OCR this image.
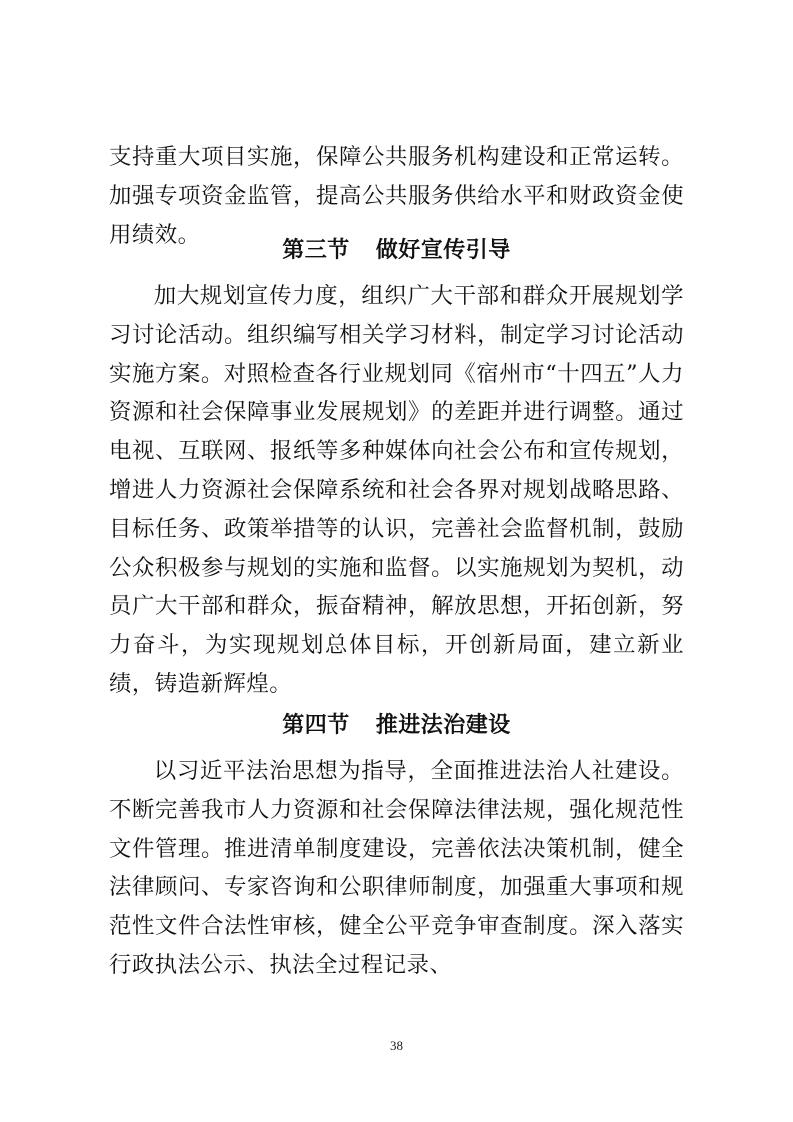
支持重大项目实施，保障公共服务机构建设和正常运转。加强专项资金监管，提高公共服务供给水平和财政资金使用绩效。

第三节 做好宣传引导

加大规划宣传力度，组织广大干部和群众开展规划学习讨论活动。组织编写相关学习材料，制定学习讨论活动实施方案。对照检查各行业规划同《宿州市“十四五”人力资源和社会保障事业发展规划》的差距并进行调整。通过电视、互联网、报纸等多种媒体向社会公布和宣传规划，增进人力资源社会保障系统和社会各界对规划战略思路、目标任务、政策举措等的认识，完善社会监督机制，鼓励公众积极参与规划的实施和监督。以实施规划为契机，动员广大干部和群众，振奋精神，解放思想，开拓创新，努力奋斗，为实现规划总体目标，开创新局面，建立新业绩，铸造新辉煌。

第四节 推进法治建设

以习近平法治思想为指导，全面推进法治人社建设。不断完善我市人力资源和社会保障法律法规，强化规范性文件管理。推进清单制度建设，完善依法决策机制，健全法律顾问、专家咨询和公职律师制度，加强重大事项和规范性文件合法性审核，健全公平竞争审查制度。深入落实行政执法公示、执法全过程记录、

38
